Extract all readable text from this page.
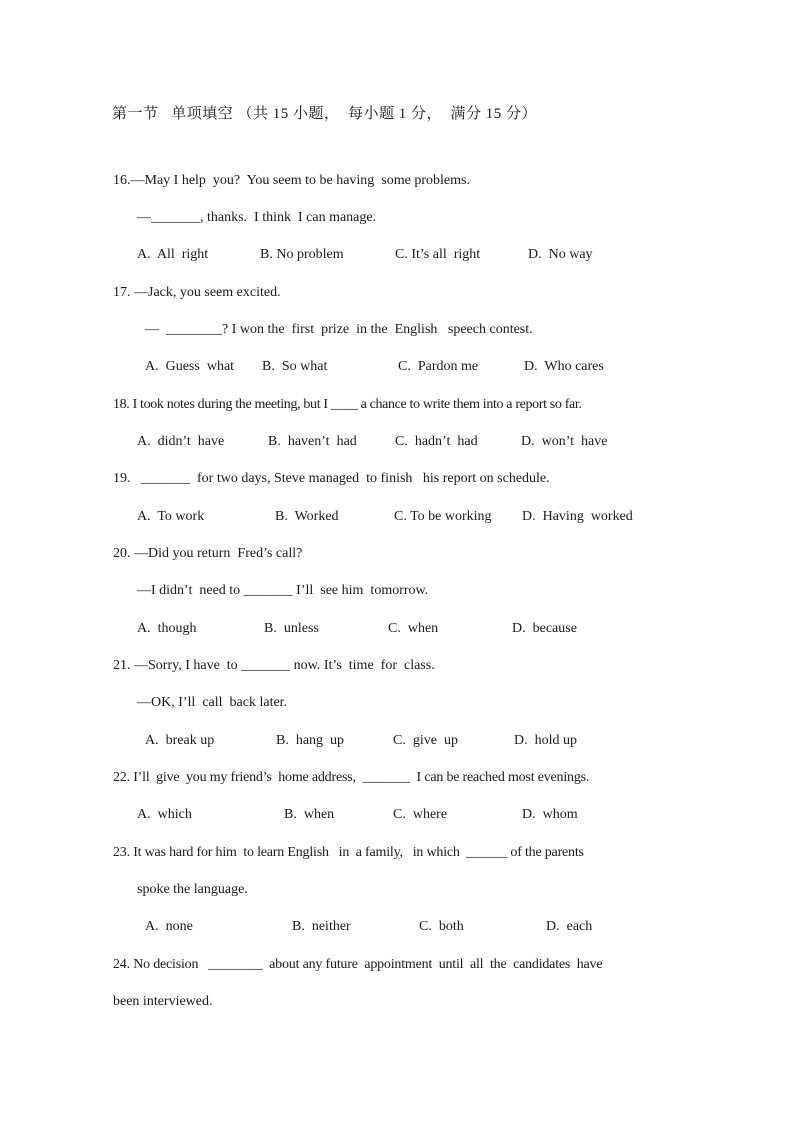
第一节   单项填空 （共 15 小题，  每小题 1 分，  满分 15 分）
16.—May I help  you?  You seem to be having  some problems.
—_______, thanks.  I think  I can manage.
A.  All  right	B. No problem	C. It’s all  right	D.  No way
17. —Jack, you seem excited.
—  ________? I won the  first  prize  in the  English   speech contest.
A.  Guess  what B.  So what	C.  Pardon me	D.  Who cares
18. I took notes during the meeting, but I ____ a chance to write them into a report so far.
A.  didn’t  have	B.  haven’t  had	C.  hadn’t  had	D.  won’t  have
19.   _______  for two days, Steve managed  to finish   his report on schedule.
A.  To work	B.  Worked	C. To be working D.  Having  worked
20. —Did you return  Fred’s call?
—I didn’t  need to _______ I’ll  see him  tomorrow.
A.  though	B.  unless	C.  when	D.  because
21. —Sorry, I have  to _______ now. It’s  time  for  class.
—OK, I’ll  call  back later.
A.  break up	B.  hang  up	C.  give  up	D.  hold up
22. I’ll  give  you my friend’s  home address,  _______  I can be reached most evenings.
A.  which	B.  when	C.  where	D.  whom
23. It was hard for him  to learn English   in  a family,   in which  ______ of the parents
spoke the language.
A.  none	B.  neither	C.  both	D.  each
24. No decision   ________  about any future  appointment  until  all  the  candidates  have
been interviewed.
